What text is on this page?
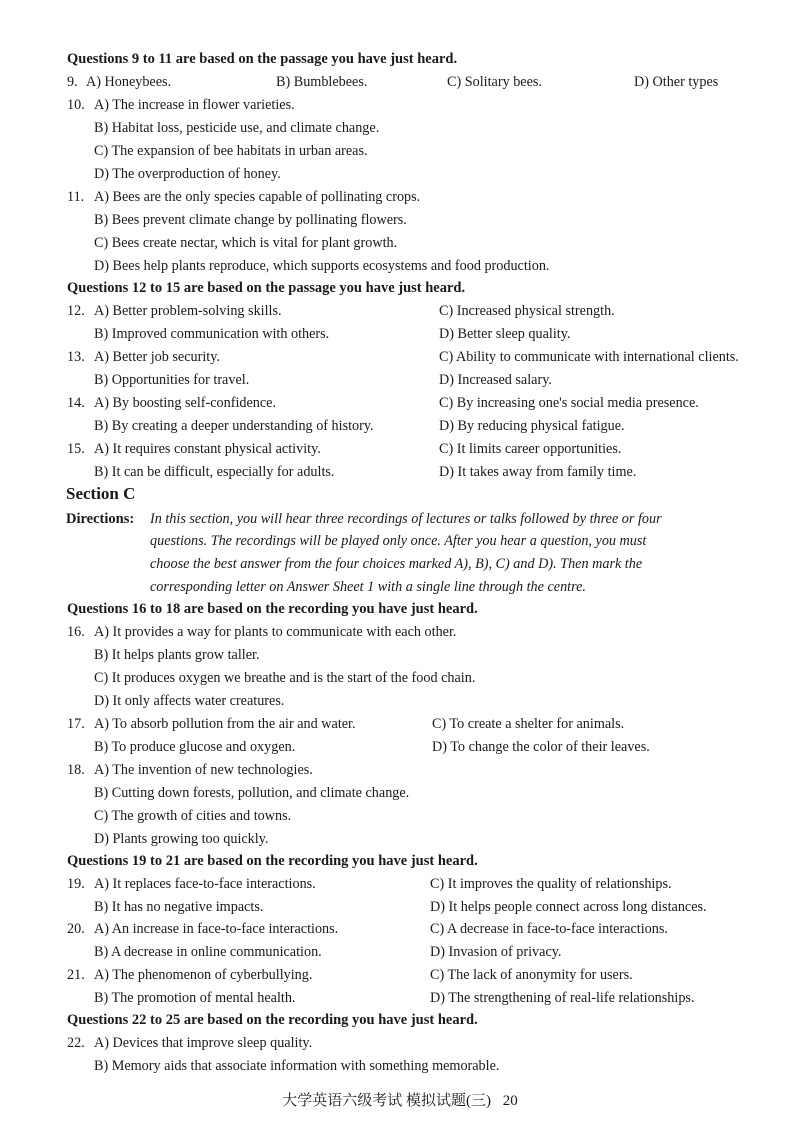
Questions 9 to 11 are based on the passage you have just heard.
9. A) Honeybees.	B) Bumblebees.	C) Solitary bees.	D) Other types
10. A) The increase in flower varieties.
B) Habitat loss, pesticide use, and climate change.
C) The expansion of bee habitats in urban areas.
D) The overproduction of honey.
11. A) Bees are the only species capable of pollinating crops.
B) Bees prevent climate change by pollinating flowers.
C) Bees create nectar, which is vital for plant growth.
D) Bees help plants reproduce, which supports ecosystems and food production.
Questions 12 to 15 are based on the passage you have just heard.
12. A) Better problem-solving skills.	C) Increased physical strength.
B) Improved communication with others.	D) Better sleep quality.
13. A) Better job security.	C) Ability to communicate with international clients.
B) Opportunities for travel.	D) Increased salary.
14. A) By boosting self-confidence.	C) By increasing one's social media presence.
B) By creating a deeper understanding of history.	D) By reducing physical fatigue.
15. A) It requires constant physical activity.	C) It limits career opportunities.
B) It can be difficult, especially for adults.	D) It takes away from family time.
Section C
Directions: In this section, you will hear three recordings of lectures or talks followed by three or four
questions. The recordings will be played only once. After you hear a question, you must
choose the best answer from the four choices marked A), B), C) and D). Then mark the
corresponding letter on Answer Sheet 1 with a single line through the centre.
Questions 16 to 18 are based on the recording you have just heard.
16. A) It provides a way for plants to communicate with each other.
B) It helps plants grow taller.
C) It produces oxygen we breathe and is the start of the food chain.
D) It only affects water creatures.
17. A) To absorb pollution from the air and water.	C) To create a shelter for animals.
B) To produce glucose and oxygen.	D) To change the color of their leaves.
18. A) The invention of new technologies.
B) Cutting down forests, pollution, and climate change.
C) The growth of cities and towns.
D) Plants growing too quickly.
Questions 19 to 21 are based on the recording you have just heard.
19. A) It replaces face-to-face interactions.	C) It improves the quality of relationships.
B) It has no negative impacts.	D) It helps people connect across long distances.
20. A) An increase in face-to-face interactions.	C) A decrease in face-to-face interactions.
B) A decrease in online communication.	D) Invasion of privacy.
21. A) The phenomenon of cyberbullying.	C) The lack of anonymity for users.
B) The promotion of mental health.	D) The strengthening of real-life relationships.
Questions 22 to 25 are based on the recording you have just heard.
22. A) Devices that improve sleep quality.
B) Memory aids that associate information with something memorable.
大学英语六级考试 模拟试题(三) 20
